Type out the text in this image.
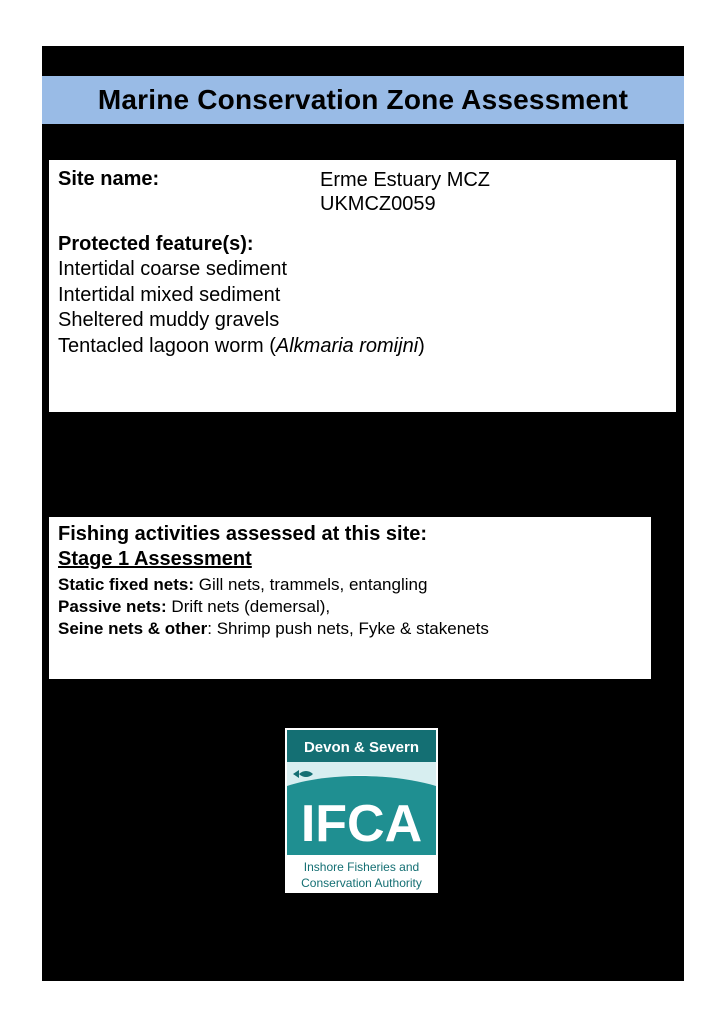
Marine Conservation Zone Assessment
Site name:	Erme Estuary MCZ
UKMCZ0059
Protected feature(s):
Intertidal coarse sediment
Intertidal mixed sediment
Sheltered muddy gravels
Tentacled lagoon worm (Alkmaria romijni)
Fishing activities assessed at this site:
Stage 1 Assessment
Static fixed nets: Gill nets, trammels, entangling
Passive nets: Drift nets (demersal),
Seine nets & other: Shrimp push nets, Fyke & stakenets
Devon & Severn
IFCA
Inshore Fisheries and
Conservation Authority
